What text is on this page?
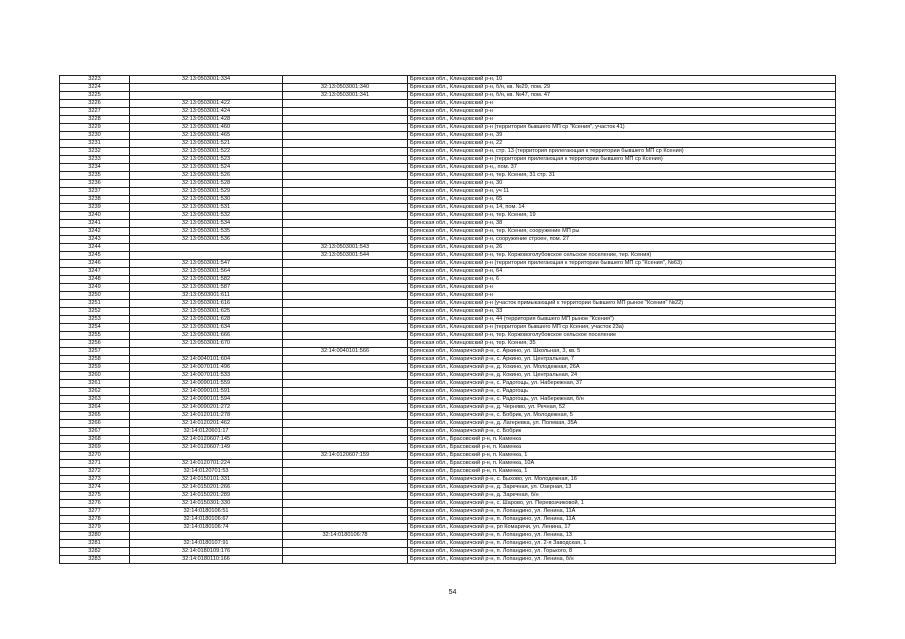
3223	32:13:0503001:334		Брянская обл., Клинцовский р-н, 10
3224		32:13:0503001:340	Брянская обл., Клинцовский р-н, б/н, кв. №29, пом. 29
3225		32:13:0503001:341	Брянская обл., Клинцовский р-н, б/н, кв. №47, пом. 47
3226	32:13:0503001:422		Брянская обл., Клинцовский р-н
3227	32:13:0503001:424		Брянская обл., Клинцовский р-н
3228	32:13:0503001:428		Брянская обл., Клинцовский р-н
3229	32:13:0503001:460		Брянская обл., Клинцовский р-н (территория бывшего МП ср "Ксения", участок 41)
3230	32:13:0503001:465		Брянская обл., Клинцовский р-н, 39
3231	32:13:0503001:521		Брянская обл., Клинцовский р-н, 22
3232	32:13:0503001:522		Брянская обл., Клинцовский р-н, стр. 13 (территория прилегающая к территории бывшего МП ср Ксения)
3233	32:13:0503001:523		Брянская обл., Клинцовский р-н (территория прилегающая к территории бывшего МП ср Ксения)
3234	32:13:0503001:524		Брянская обл., Клинцовский р-н,, пом. 37
3235	32:13:0503001:526		Брянская обл., Клинцовский р-н, тер. Ксения, 31 стр. 31
3236	32:13:0503001:528		Брянская обл., Клинцовский р-н, 30
3237	32:13:0503001:529		Брянская обл., Клинцовский р-н, уч 11
3238	32:13:0503001:530		Брянская обл., Клинцовский р-н, 65
3239	32:13:0503001:531		Брянская обл., Клинцовский р-н, 14, пом. 14
3240	32:13:0503001:532		Брянская обл., Клинцовский р-н, тер. Ксения, 19
3241	32:13:0503001:534		Брянская обл., Клинцовский р-н, 38
3242	32:13:0503001:535		Брянская обл., Клинцовский р-н, тер. Ксения, сооружение МП ры
3243	32:13:0503001:536		Брянская обл., Клинцовский р-н, сооружение строен, пом. 27
3244		32:13:0503001:543	Брянская обл., Клинцовский р-н, 26
3245		32:13:0503001:544	Брянская обл., Клинцовский р-н, тер. Коржовоголубовское сельское поселение, тер. Ксения)
3246	32:13:0503001:547		Брянская обл., Клинцовский р-н (территория прилегающая к территории бывшего МП ср "Ксения", №63)
3247	32:13:0503001:564		Брянская обл., Клинцовский р-н, 64
3248	32:13:0503001:582		Брянская обл., Клинцовский р-н, 6
3249	32:13:0503001:587		Брянская обл., Клинцовский р-н
3250	32:13:0503001:611		Брянская обл., Клинцовский р-н
3251	32:13:0503001:616		Брянская обл., Клинцовский р-н (участок примыкающий к территории бывшего МП рыное "Ксения" №22)
3252	32:13:0503001:625		Брянская обл., Клинцовский р-н, 33
3253	32:13:0503001:628		Брянская обл., Клинцовский р-н, 44 (территория бывшего МП рыное "Ксения")
3254	32:13:0503001:634		Брянская обл., Клинцовский р-н (территория бывшего МП ср Ксения, участок 23а)
3255	32:13:0503001:666		Брянская обл., Клинцовский р-н, тер. Коржовоголубовское сельское поселение
3256	32:13:0503001:670		Брянская обл., Клинцовский р-н, тер. Ксения, 35
3257		32:14:0040101:566	Брянская обл., Комаричский р-н, с. Аркино, ул. Школьная, 3, кв. 5
3258	32:14:0040101:604		Брянская обл., Комаричский р-н, с. Аркино, ул. Центральная, 7
3259	32:14:0070101:496		Брянская обл., Комаричский р-н, д. Кокино, ул. Молодежная, 26А
3260	32:14:0070101:533		Брянская обл., Комаричский р-н, д. Кокино, ул. Центральная, 24
3261	32:14:0090101:559		Брянская обл., Комаричский р-н, с. Радогощь, ул. Набережная, 37
3262	32:14:0090101:591		Брянская обл., Комаричский р-н, с. Радогощь
3263	32:14:0090101:594		Брянская обл., Комаричский р-н, с. Радогощь, ул. Набережная, б/н
3264	32:14:0090201:272		Брянская обл., Комаричский р-н, д. Черняво, ул. Речная, 52
3265	32:14:0120101:278		Брянская обл., Комаричский р-н, с. Бобрик, ул. Молодежная, 5
3266	32:14:0120201:462		Брянская обл., Комаричский р-н, д. Лагеревка, ул. Полевая, 35А
3267	32:14:0120601:17		Брянская обл., Комаричский р-н, с. Бобрик
3268	32:14:0120607:145		Брянская обл., Брасовский р-н, п. Каменка
3269	32:14:0120607:149		Брянская обл., Брасовский р-н, п. Каменка
3270		32:14:0120607:159	Брянская обл., Брасовский р-н, п. Каменка, 1
3271	32:14:0120701:224		Брянская обл., Брасовский р-н, п. Каменка, 10А
3272	32:14:0120701:53		Брянская обл., Брасовский р-н, п. Каменка, 1
3273	32:14:0150101:331		Брянская обл., Комаричский р-н, с. Быхово, ул. Молодежная, 16
3274	32:14:0150201:266		Брянская обл., Комаричский р-н, д. Заречная, ул. Озерная, 13
3275	32:14:0150201:289		Брянская обл., Комаричский р-н, д. Заречная, б/н
3276	32:14:0150301:330		Брянская обл., Комаричский р-н, с. Шарово, ул. Перевозчиковой, 1
3277	32:14:0180106:51		Брянская обл., Комаричский р-н, п. Лопандино, ул. Ленина, 11А
3278	32:14:0180106:67		Брянская обл., Комаричский р-н, п. Лопандино, ул. Ленина, 11А
3279	32:14:0180106:74		Брянская обл., Комаричский р-н, рп Комаричи, ул. Ленина, 17
3280		32:14:0180106:78	Брянская обл., Комаричский р-н, п. Лопандино, ул. Ленина, 13
3281	32:14:0180107:91		Брянская обл., Комаричский р-н, п. Лопандино, ул. 2-я Заводская, 1
3282	32:14:0180109:176		Брянская обл., Комаричский р-н, п. Лопандино, ул. Горького, 8
3283	32:14:0180110:166		Брянская обл., Комаричский р-н, п. Лопандино, ул. Ленина, б/н
54
